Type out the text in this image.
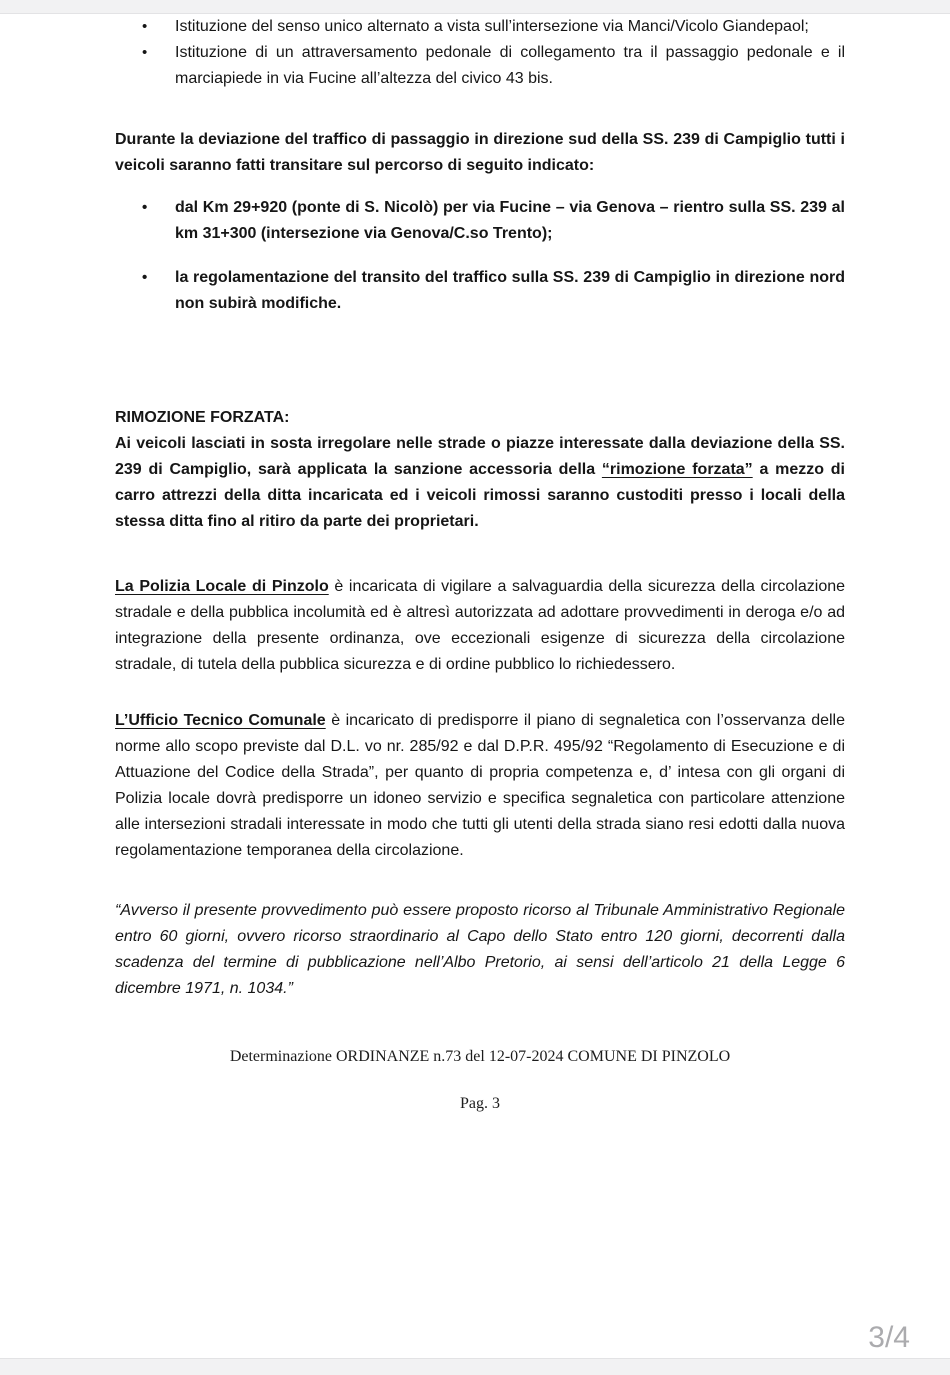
• Istituzione del senso unico alternato a vista sull’intersezione via Manci/Vicolo Giandepaol;
• Istituzione di un attraversamento pedonale di collegamento tra il passaggio pedonale e il marciapiede in via Fucine all’altezza del civico 43 bis.

Durante la deviazione del traffico di passaggio in direzione sud della SS. 239 di Campiglio tutti i veicoli saranno fatti transitare sul percorso di seguito indicato:

• dal Km 29+920 (ponte di S. Nicolò) per via Fucine – via Genova – rientro sulla SS. 239 al km 31+300 (intersezione via Genova/C.so Trento);
• la regolamentazione del transito del traffico sulla SS. 239 di Campiglio in direzione nord non subirà modifiche.
RIMOZIONE FORZATA:
Ai veicoli lasciati in sosta irregolare nelle strade o piazze interessate dalla deviazione della SS. 239 di Campiglio, sarà applicata la sanzione accessoria della “rimozione forzata” a mezzo di carro attrezzi della ditta incaricata ed i veicoli rimossi saranno custoditi presso i locali della stessa ditta fino al ritiro da parte dei proprietari.

La Polizia Locale di Pinzolo è incaricata di vigilare a salvaguardia della sicurezza della circolazione stradale e della pubblica incolumità ed è altresì autorizzata ad adottare provvedimenti in deroga e/o ad integrazione della presente ordinanza, ove eccezionali esigenze di sicurezza della circolazione stradale, di tutela della pubblica sicurezza e di ordine pubblico lo richiedessero.

L’Ufficio Tecnico Comunale è incaricato di predisporre il piano di segnaletica con l’osservanza delle norme allo scopo previste dal D.L. vo nr. 285/92 e dal D.P.R. 495/92 “Regolamento di Esecuzione e di Attuazione del Codice della Strada”, per quanto di propria competenza e, d’ intesa con gli organi di Polizia locale dovrà predisporre un idoneo servizio e specifica segnaletica con particolare attenzione alle intersezioni stradali interessate in modo che tutti gli utenti della strada siano resi edotti dalla nuova regolamentazione temporanea della circolazione.

“Avverso il presente provvedimento può essere proposto ricorso al Tribunale Amministrativo Regionale entro 60 giorni, ovvero ricorso straordinario al Capo dello Stato entro 120 giorni, decorrenti dalla scadenza del termine di pubblicazione nell’Albo Pretorio, ai sensi dell’articolo 21 della Legge 6 dicembre 1971, n. 1034.”

Determinazione ORDINANZE n.73 del 12-07-2024 COMUNE DI PINZOLO
Pag. 3
3/4
